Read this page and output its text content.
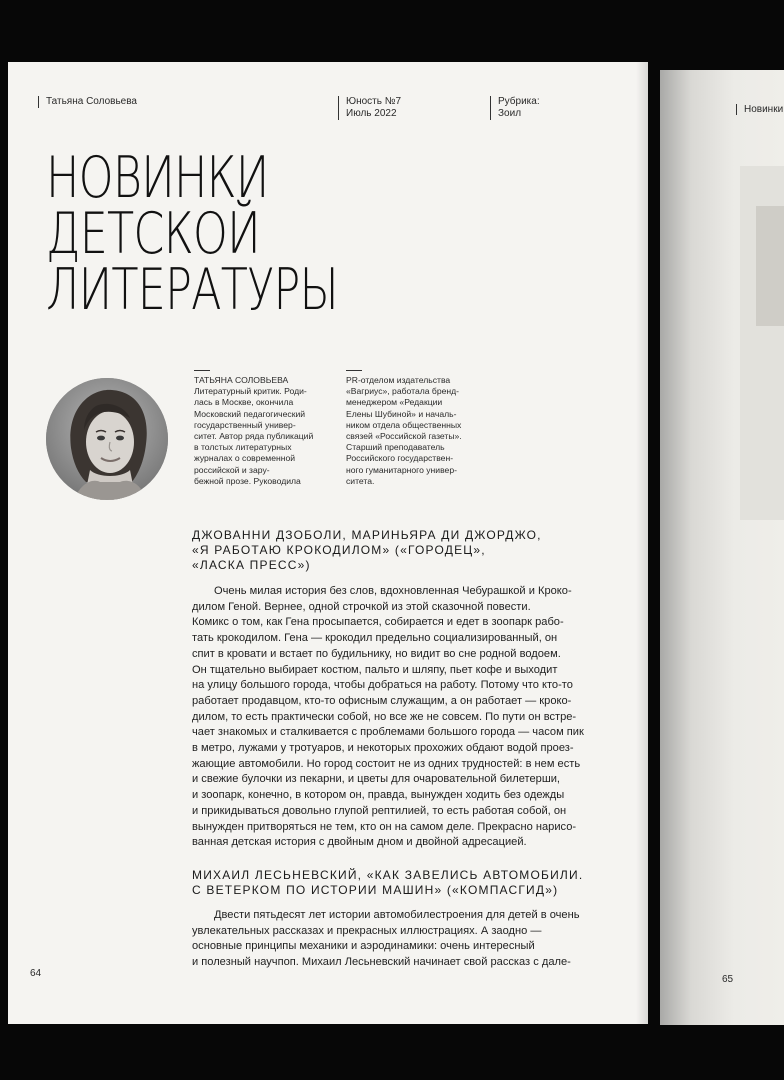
Татьяна Соловьева	Юность №7
Июль 2022
Рубрика:
Зоил
НОВИНКИ
ДЕТСКОЙ
ЛИТЕРАТУРЫ
ТАТЬЯНА СОЛОВЬЕВА
Литературный критик. Роди-
лась в Москве, окончила
Московский педагогический
государственный универ-
ситет. Автор ряда публикаций
в толстых литературных
журналах о современной
российской и зару-
бежной прозе. Руководила
PR-отделом издательства
«Вагриус», работала бренд-
менеджером «Редакции
Елены Шубиной» и началь-
ником отдела общественных
связей «Российской газеты».
Старший преподаватель
Российского государствен-
ного гуманитарного универ-
ситета.
ДЖОВАННИ ДЗОБОЛИ, МАРИНЬЯРА ДИ ДЖОРДЖО,
«Я РАБОТАЮ КРОКОДИЛОМ» («ГОРОДЕЦ»,
«ЛАСКА ПРЕСС»)
Очень милая история без слов, вдохновленная Чебурашкой и Кроко-
дилом Геной. Вернее, одной строчкой из этой сказочной повести.
Комикс о том, как Гена просыпается, собирается и едет в зоопарк рабо-
тать крокодилом. Гена — крокодил предельно социализированный, он
спит в кровати и встает по будильнику, но видит во сне родной водоем.
Он тщательно выбирает костюм, пальто и шляпу, пьет кофе и выходит
на улицу большого города, чтобы добраться на работу. Потому что кто-то
работает продавцом, кто-то офисным служащим, а он работает — кроко-
дилом, то есть практически собой, но все же не совсем. По пути он встре-
чает знакомых и сталкивается с проблемами большого города — часом пик
в метро, лужами у тротуаров, и некоторых прохожих обдают водой проез-
жающие автомобили. Но город состоит не из одних трудностей: в нем есть
и свежие булочки из пекарни, и цветы для очаровательной билетерши,
и зоопарк, конечно, в котором он, правда, вынужден ходить без одежды
и прикидываться довольно глупой рептилией, то есть работая собой, он
вынужден притворяться не тем, кто он на самом деле. Прекрасно нарисо-
ванная детская история с двойным дном и двойной адресацией.
МИХАИЛ ЛЕСЬНЕВСКИЙ, «КАК ЗАВЕЛИСЬ АВТОМОБИЛИ.
С ВЕТЕРКОМ ПО ИСТОРИИ МАШИН» («КОМПАСГИД»)
Двести пятьдесят лет истории автомобилестроения для детей в очень
увлекательных рассказах и прекрасных иллюстрациях. А заодно —
основные принципы механики и аэродинамики: очень интересный
и полезный научпоп. Михаил Лесьневский начинает свой рассказ с дале-
64
Новинки
65
